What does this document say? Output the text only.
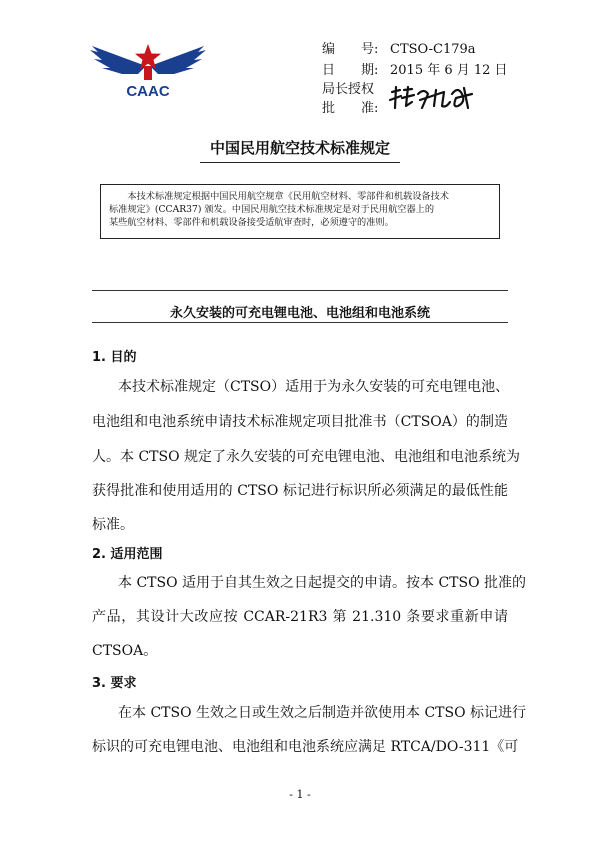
CAAC
编　　号: CTSO-C179a
日　　期: 2015 年 6 月 12 日
局长授权
批　　准:
中国民用航空技术标准规定
本技术标准规定根据中国民用航空规章《民用航空材料、零部件和机载设备技术
标准规定》(CCAR37) 颁发。中国民用航空技术标准规定是对于民用航空器上的
某些航空材料、零部件和机载设备接受适航审查时，必须遵守的准则。
永久安装的可充电锂电池、电池组和电池系统
1. 目的
本技术标准规定（CTSO）适用于为永久安装的可充电锂电池、
电池组和电池系统申请技术标准规定项目批准书（CTSOA）的制造
人。本 CTSO 规定了永久安装的可充电锂电池、电池组和电池系统为
获得批准和使用适用的 CTSO 标记进行标识所必须满足的最低性能
标准。
2. 适用范围
本 CTSO 适用于自其生效之日起提交的申请。按本 CTSO 批准的
产品，其设计大改应按 CCAR-21R3 第 21.310 条要求重新申请
CTSOA。
3. 要求
在本 CTSO 生效之日或生效之后制造并欲使用本 CTSO 标记进行
标识的可充电锂电池、电池组和电池系统应满足 RTCA/DO-311《可
- 1 -
